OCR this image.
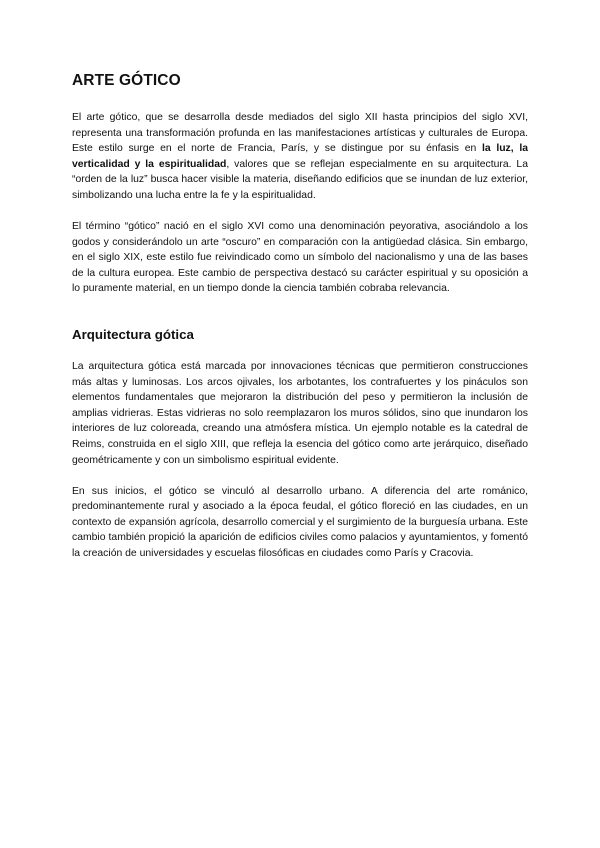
ARTE GÓTICO

El arte gótico, que se desarrolla desde mediados del siglo XII hasta principios del siglo XVI, representa una transformación profunda en las manifestaciones artísticas y culturales de Europa. Este estilo surge en el norte de Francia, París, y se distingue por su énfasis en la luz, la verticalidad y la espiritualidad, valores que se reflejan especialmente en su arquitectura. La “orden de la luz” busca hacer visible la materia, diseñando edificios que se inundan de luz exterior, simbolizando una lucha entre la fe y la espiritualidad.

El término “gótico” nació en el siglo XVI como una denominación peyorativa, asociándolo a los godos y considerándolo un arte “oscuro” en comparación con la antigüedad clásica. Sin embargo, en el siglo XIX, este estilo fue reivindicado como un símbolo del nacionalismo y una de las bases de la cultura europea. Este cambio de perspectiva destacó su carácter espiritual y su oposición a lo puramente material, en un tiempo donde la ciencia también cobraba relevancia.

Arquitectura gótica

La arquitectura gótica está marcada por innovaciones técnicas que permitieron construcciones más altas y luminosas. Los arcos ojivales, los arbotantes, los contrafuertes y los pináculos son elementos fundamentales que mejoraron la distribución del peso y permitieron la inclusión de amplias vidrieras. Estas vidrieras no solo reemplazaron los muros sólidos, sino que inundaron los interiores de luz coloreada, creando una atmósfera mística. Un ejemplo notable es la catedral de Reims, construida en el siglo XIII, que refleja la esencia del gótico como arte jerárquico, diseñado geométricamente y con un simbolismo espiritual evidente.

En sus inicios, el gótico se vinculó al desarrollo urbano. A diferencia del arte románico, predominantemente rural y asociado a la época feudal, el gótico floreció en las ciudades, en un contexto de expansión agrícola, desarrollo comercial y el surgimiento de la burguesía urbana. Este cambio también propició la aparición de edificios civiles como palacios y ayuntamientos, y fomentó la creación de universidades y escuelas filosóficas en ciudades como París y Cracovia.
